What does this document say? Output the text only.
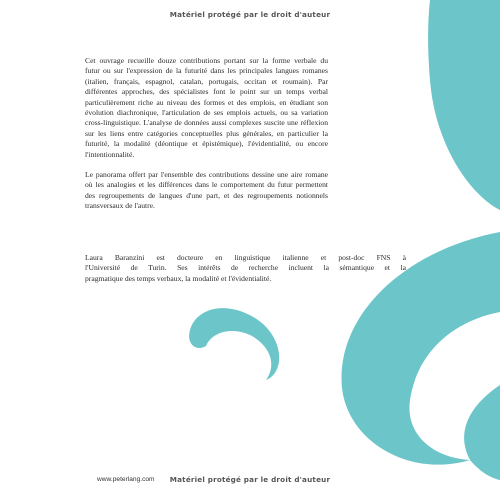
Matériel protégé par le droit d'auteur
Cet ouvrage recueille douze contributions portant sur la forme verbale du
futur ou sur l'expression de la futurité dans les principales langues romanes
(italien, français, espagnol, catalan, portugais, occitan et roumain). Par
différentes approches, des spécialistes font le point sur un temps verbal
particulièrement riche au niveau des formes et des emplois, en étudiant son
évolution diachronique, l'articulation de ses emplois actuels, ou sa variation
cross-linguistique. L'analyse de données aussi complexes suscite une réflexion
sur les liens entre catégories conceptuelles plus générales, en particulier la
futurité, la modalité (déontique et épistémique), l'évidentialité, ou encore
l'intentionnalité.
Le panorama offert par l'ensemble des contributions dessine une aire romane
où les analogies et les différences dans le comportement du futur permettent
des regroupements de langues d'une part, et des regroupements notionnels
transversaux de l'autre.
Laura Baranzini est docteure en linguistique italienne et post-doc FNS à
l'Université de Turin. Ses intérêts de recherche incluent la sémantique et la
pragmatique des temps verbaux, la modalité et l'évidentialité.
www.peterlang.com	Matériel protégé par le droit d'auteur
